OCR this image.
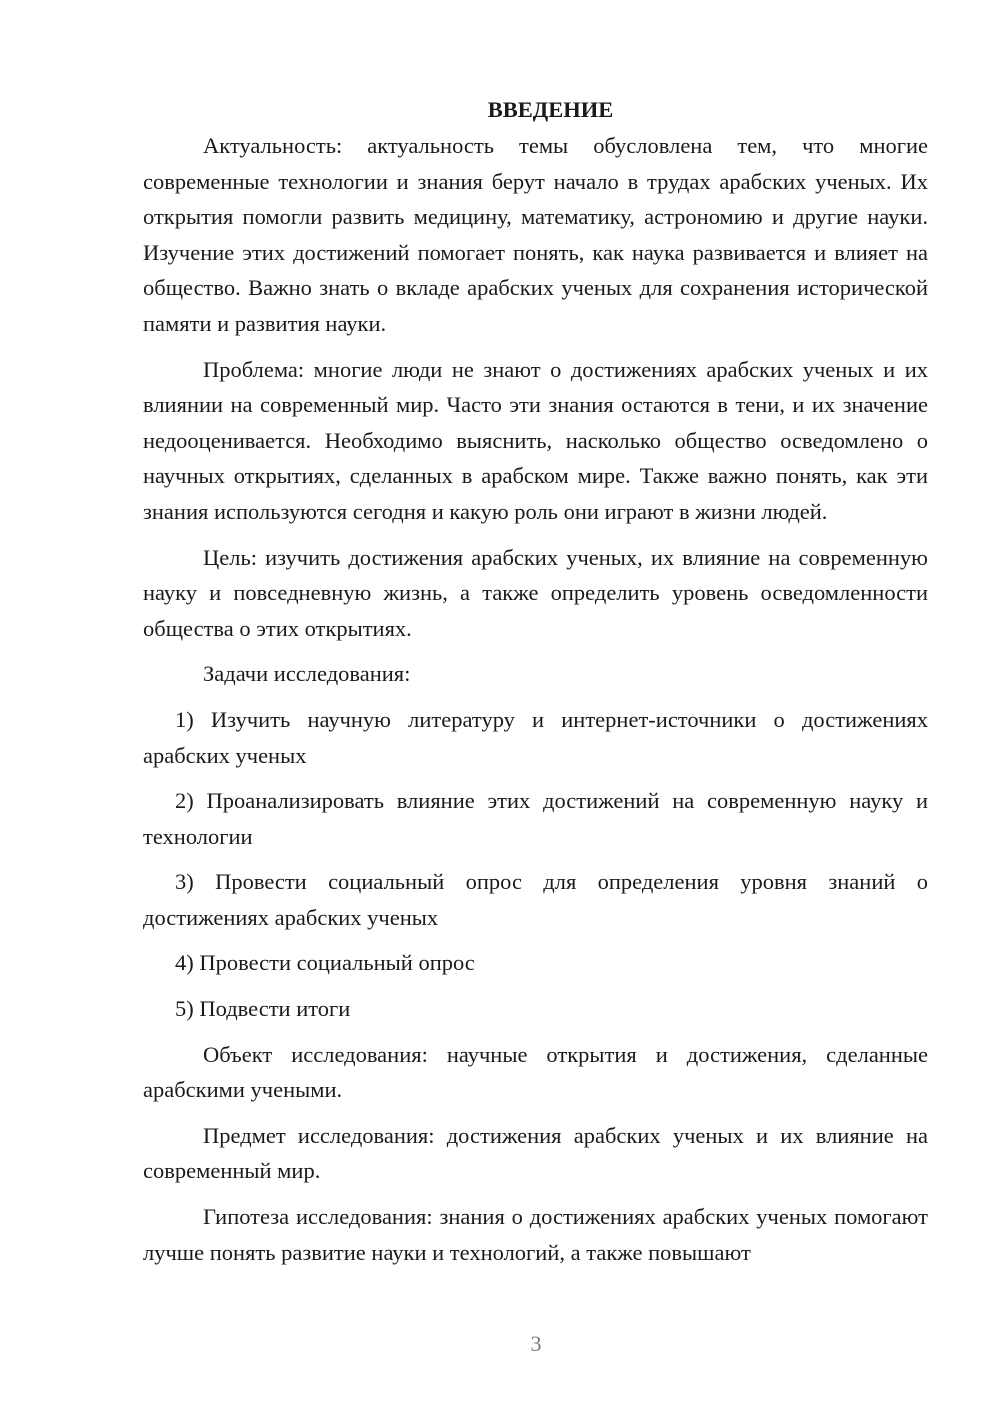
ВВЕДЕНИЕ

Актуальность: актуальность темы обусловлена тем, что многие современные технологии и знания берут начало в трудах арабских ученых. Их открытия помогли развить медицину, математику, астрономию и другие науки. Изучение этих достижений помогает понять, как наука развивается и влияет на общество. Важно знать о вкладе арабских ученых для сохранения исторической памяти и развития науки.

Проблема: многие люди не знают о достижениях арабских ученых и их влиянии на современный мир. Часто эти знания остаются в тени, и их значение недооценивается. Необходимо выяснить, насколько общество осведомлено о научных открытиях, сделанных в арабском мире. Также важно понять, как эти знания используются сегодня и какую роль они играют в жизни людей.

Цель: изучить достижения арабских ученых, их влияние на современную науку и повседневную жизнь, а также определить уровень осведомленности общества о этих открытиях.

Задачи исследования:

1) Изучить научную литературу и интернет-источники о достижениях арабских ученых

2) Проанализировать влияние этих достижений на современную науку и технологии

3) Провести социальный опрос для определения уровня знаний о достижениях арабских ученых

4) Провести социальный опрос

5) Подвести итоги

Объект исследования: научные открытия и достижения, сделанные арабскими учеными.

Предмет исследования: достижения арабских ученых и их влияние на современный мир.

Гипотеза исследования: знания о достижениях арабских ученых помогают лучше понять развитие науки и технологий, а также повышают

3
